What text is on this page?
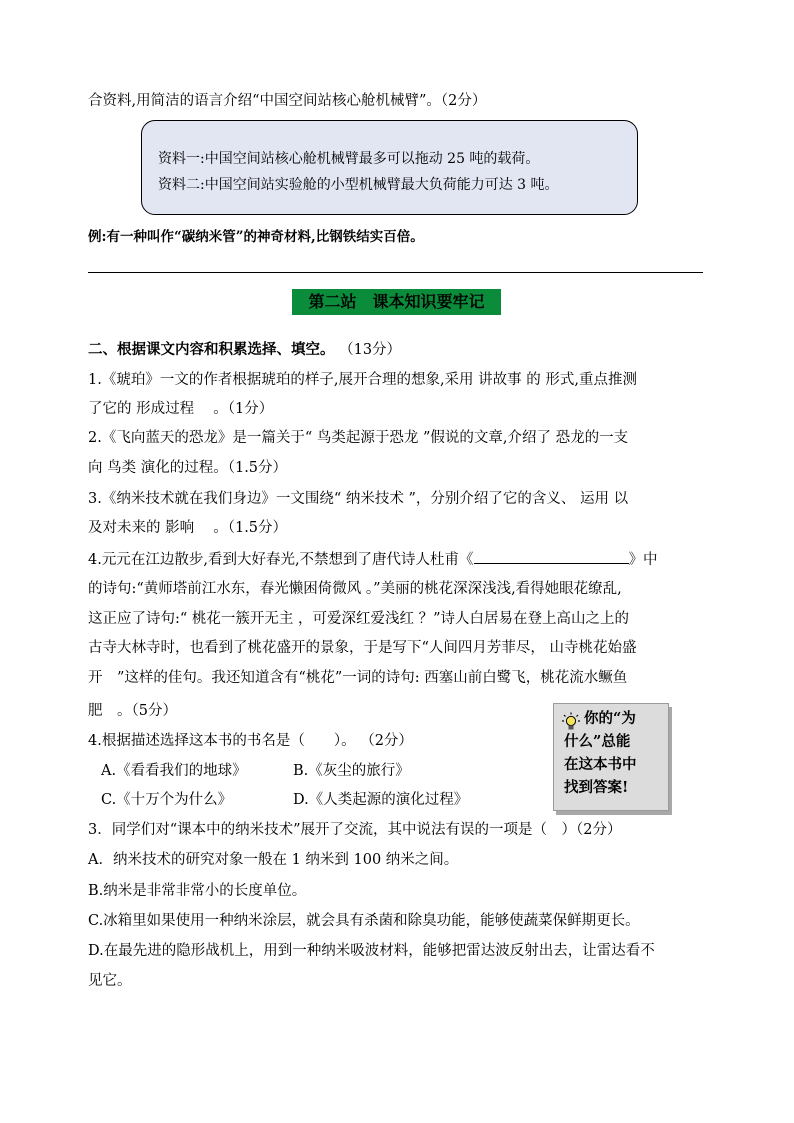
合资料,用简洁的语言介绍“中国空间站核心舱机械臂”。（2分）
资料一:中国空间站核心舱机械臂最多可以拖动 25 吨的载荷。
资料二:中国空间站实验舱的小型机械臂最大负荷能力可达 3 吨。
例:有一种叫作“碳纳米管”的神奇材料,比钢铁结实百倍。
第二站　课本知识要牢记
二、根据课文内容和积累选择、填空。 （13分）
1.《琥珀》一文的作者根据琥珀的样子,展开合理的想象,采用 讲故事 的 形式,重点推测
了它的 形成过程　 。（1分）
2.《飞向蓝天的恐龙》是一篇关于“ 鸟类起源于恐龙 ”假说的文章,介绍了 恐龙的一支
向 鸟类 演化的过程。（1.5分）
3.《纳米技术就在我们身边》一文围绕“ 纳米技术 ”，分别介绍了它的含义、 运用 以
及对未来的 影响　 。（1.5分）
4.元元在江边散步,看到大好春光,不禁想到了唐代诗人杜甫《	》中
的诗句:“黄师塔前江水东，春光懒困倚微风 。”美丽的桃花深深浅浅,看得她眼花缭乱,
这正应了诗句:“ 桃花一簇开无主 ，可爱深红爱浅红 ？”诗人白居易在登上高山之上的
古寺大林寺时，也看到了桃花盛开的景象，于是写下“人间四月芳菲尽， 山寺桃花始盛
开　”这样的佳句。我还知道含有“桃花”一词的诗句: 西塞山前白鹭飞，桃花流水鳜鱼
肥　。（5分）
4.根据描述选择这本书的书名是（　　）。 （2分）
A.《看看我们的地球》	B.《灰尘的旅行》
C.《十万个为什么》	D.《人类起源的演化过程》
你的“为
什么”总能
在这本书中
找到答案!
3．同学们对“课本中的纳米技术”展开了交流，其中说法有误的一项是（　）（2分）
A．纳米技术的研究对象一般在 1 纳米到 100 纳米之间。
B.纳米是非常非常小的长度单位。
C.冰箱里如果使用一种纳米涂层，就会具有杀菌和除臭功能，能够使蔬菜保鲜期更长。
D.在最先进的隐形战机上，用到一种纳米吸波材料，能够把雷达波反射出去，让雷达看不
见它。
